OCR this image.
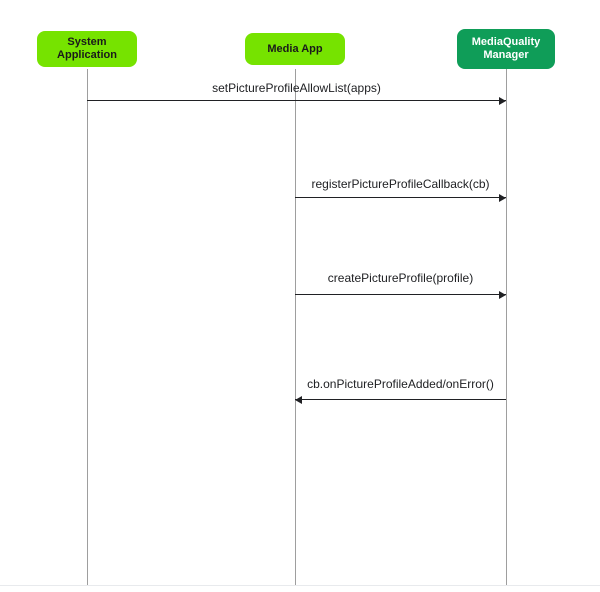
System
Application
Media App
MediaQuality
Manager
setPictureProfileAllowList(apps)
registerPictureProfileCallback(cb)
createPictureProfile(profile)
cb.onPictureProfileAdded/onError()
